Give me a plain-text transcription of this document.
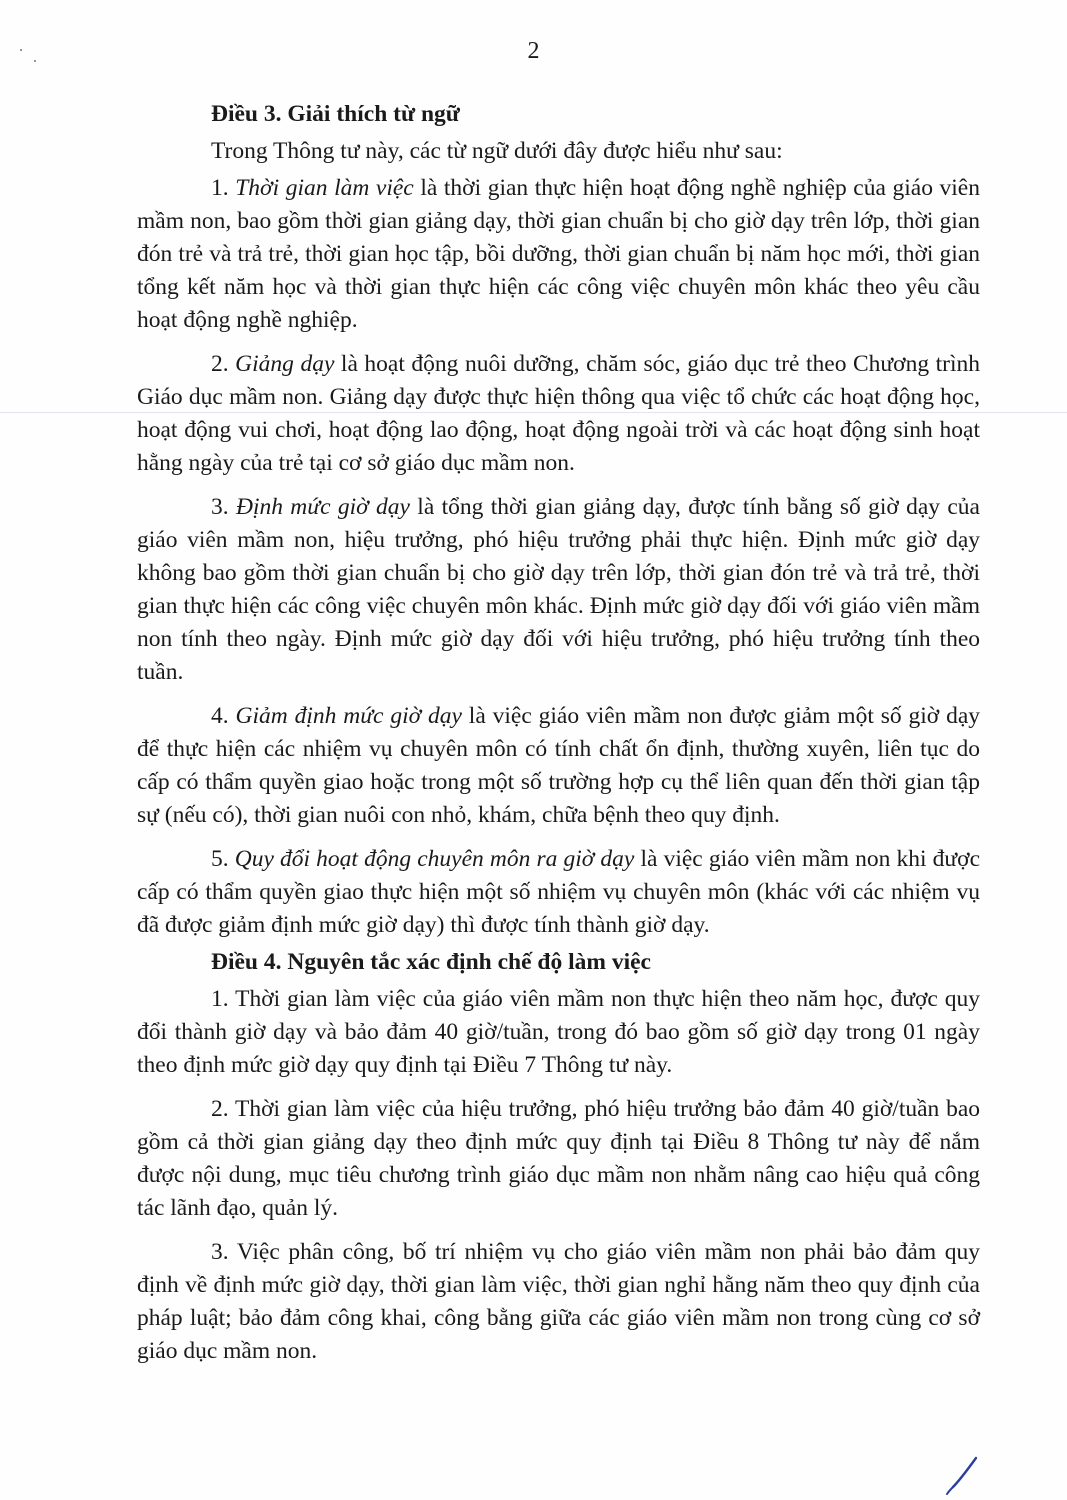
2
Điều 3. Giải thích từ ngữ
Trong Thông tư này, các từ ngữ dưới đây được hiểu như sau:
1. Thời gian làm việc là thời gian thực hiện hoạt động nghề nghiệp của giáo viên mầm non, bao gồm thời gian giảng dạy, thời gian chuẩn bị cho giờ dạy trên lớp, thời gian đón trẻ và trả trẻ, thời gian học tập, bồi dưỡng, thời gian chuẩn bị năm học mới, thời gian tổng kết năm học và thời gian thực hiện các công việc chuyên môn khác theo yêu cầu hoạt động nghề nghiệp.
2. Giảng dạy là hoạt động nuôi dưỡng, chăm sóc, giáo dục trẻ theo Chương trình Giáo dục mầm non. Giảng dạy được thực hiện thông qua việc tổ chức các hoạt động học, hoạt động vui chơi, hoạt động lao động, hoạt động ngoài trời và các hoạt động sinh hoạt hằng ngày của trẻ tại cơ sở giáo dục mầm non.
3. Định mức giờ dạy là tổng thời gian giảng dạy, được tính bằng số giờ dạy của giáo viên mầm non, hiệu trưởng, phó hiệu trưởng phải thực hiện. Định mức giờ dạy không bao gồm thời gian chuẩn bị cho giờ dạy trên lớp, thời gian đón trẻ và trả trẻ, thời gian thực hiện các công việc chuyên môn khác. Định mức giờ dạy đối với giáo viên mầm non tính theo ngày. Định mức giờ dạy đối với hiệu trưởng, phó hiệu trưởng tính theo tuần.
4. Giảm định mức giờ dạy là việc giáo viên mầm non được giảm một số giờ dạy để thực hiện các nhiệm vụ chuyên môn có tính chất ổn định, thường xuyên, liên tục do cấp có thẩm quyền giao hoặc trong một số trường hợp cụ thể liên quan đến thời gian tập sự (nếu có), thời gian nuôi con nhỏ, khám, chữa bệnh theo quy định.
5. Quy đổi hoạt động chuyên môn ra giờ dạy là việc giáo viên mầm non khi được cấp có thẩm quyền giao thực hiện một số nhiệm vụ chuyên môn (khác với các nhiệm vụ đã được giảm định mức giờ dạy) thì được tính thành giờ dạy.
Điều 4. Nguyên tắc xác định chế độ làm việc
1. Thời gian làm việc của giáo viên mầm non thực hiện theo năm học, được quy đổi thành giờ dạy và bảo đảm 40 giờ/tuần, trong đó bao gồm số giờ dạy trong 01 ngày theo định mức giờ dạy quy định tại Điều 7 Thông tư này.
2. Thời gian làm việc của hiệu trưởng, phó hiệu trưởng bảo đảm 40 giờ/tuần bao gồm cả thời gian giảng dạy theo định mức quy định tại Điều 8 Thông tư này để nắm được nội dung, mục tiêu chương trình giáo dục mầm non nhằm nâng cao hiệu quả công tác lãnh đạo, quản lý.
3. Việc phân công, bố trí nhiệm vụ cho giáo viên mầm non phải bảo đảm quy định về định mức giờ dạy, thời gian làm việc, thời gian nghỉ hằng năm theo quy định của pháp luật; bảo đảm công khai, công bằng giữa các giáo viên mầm non trong cùng cơ sở giáo dục mầm non.
